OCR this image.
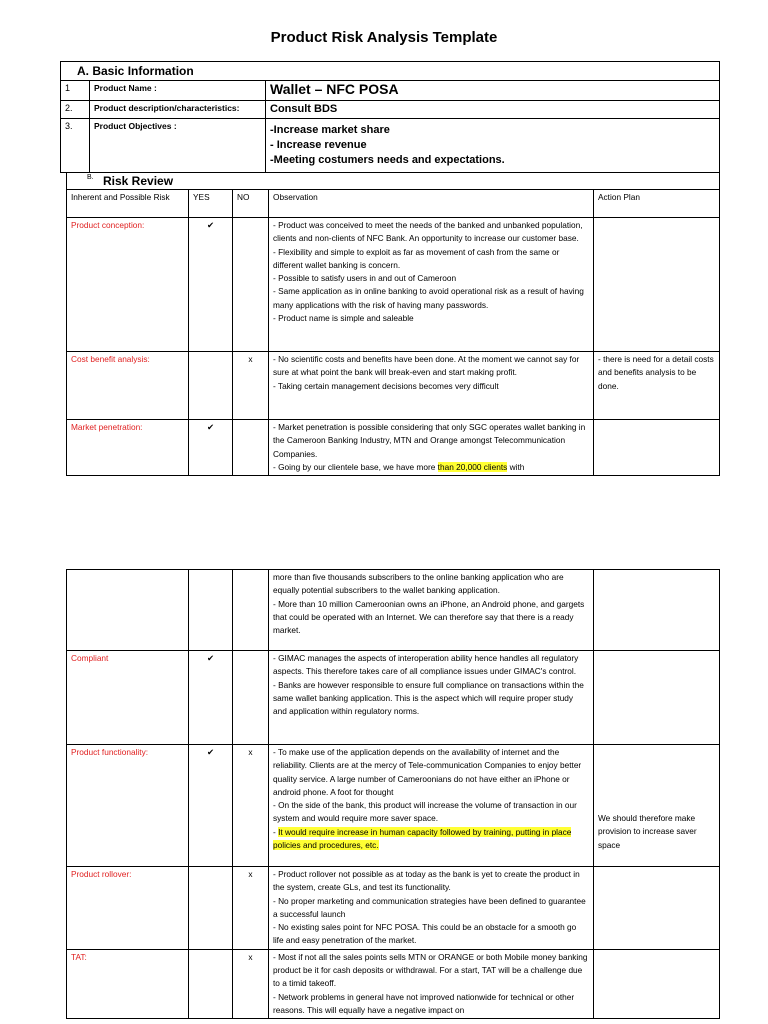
Product Risk Analysis Template
A. Basic Information		
1	Product Name :	Wallet – NFC POSA
2.	Product description/characteristics:	Consult BDS
3.	Product Objectives :	-Increase market share
- Increase revenue
-Meeting costumers needs and expectations.
B. Risk Review
Inherent and Possible Risk	YES	NO	Observation	Action Plan
Product conception:	✔		- Product was conceived to meet the needs of the banked and unbanked population, clients and non-clients of NFC Bank. An opportunity to increase our customer base.
- Flexibility and simple to exploit as far as movement of cash from the same or different wallet banking is concern.
- Possible to satisfy users in and out of Cameroon
- Same application as in online banking to avoid operational risk as a result of having many applications with the risk of having many passwords.
- Product name is simple and saleable	

Cost benefit analysis:		x	- No scientific costs and benefits have been done. At the moment we cannot say for sure at what point the bank will break-even and start making profit.
- Taking certain management decisions becomes very difficult	- there is need for a detail costs and benefits analysis to be done.
Market penetration:	✔		- Market penetration is possible considering that only SGC operates wallet banking in the Cameroon Banking Industry, MTN and Orange amongst Telecommunication Companies.
- Going by our clientele base, we have more than 20,000 clients with	

			more than five thousands subscribers to the online banking application who are equally potential subscribers to the wallet banking application.
- More than 10 million Cameroonian owns an iPhone, an Android phone, and gargets that could be operated with an Internet. We can therefore say that there is a ready market.	

Compliant	✔		- GIMAC manages the aspects of interoperation ability hence handles all regulatory aspects. This therefore takes care of all compliance issues under GIMAC's control.
- Banks are however responsible to ensure full compliance on transactions within the same wallet banking application. This is the aspect which will require proper study and application within regulatory norms.	

Product functionality:	✔	x	- To make use of the application depends on the availability of internet and the reliability. Clients are at the mercy of Tele-communication Companies to enjoy better quality service. A large number of Cameroonians do not have either an iPhone or android phone. A foot for thought
- On the side of the bank, this product will increase the volume of transaction in our system and would require more saver space.
- It would require increase in human capacity followed by training, putting in place policies and procedures, etc.	We should therefore make provision to increase saver space
Product rollover:		x	- Product rollover not possible as at today as the bank is yet to create the product in the system, create GLs, and test its functionality.
- No proper marketing and communication strategies have been defined to guarantee a successful launch
- No existing sales point for NFC POSA. This could be an obstacle for a smooth go life and easy penetration of the market.	

TAT:		x	- Most if not all the sales points sells MTN or ORANGE or both Mobile money banking product be it for cash deposits or withdrawal. For a start, TAT will be a challenge due to a timid takeoff.
- Network problems in general have not improved nationwide for technical or other reasons. This will equally have a negative impact on	
